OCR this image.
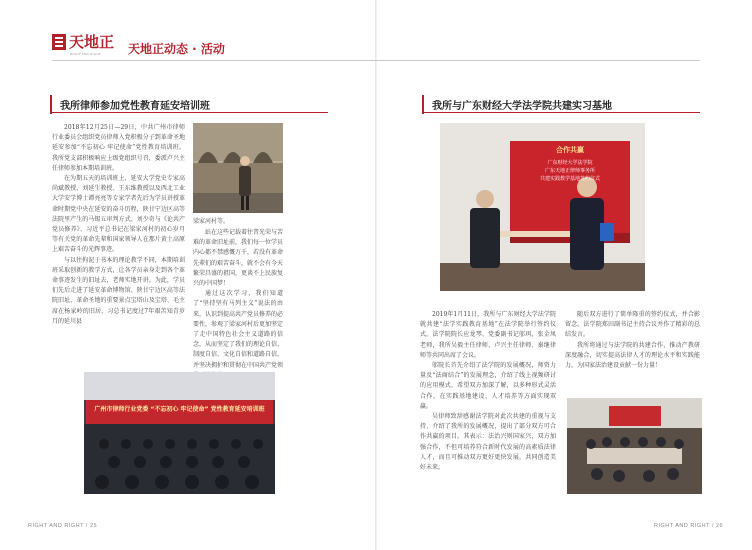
天地正
RIGHT AND RIGHT 天地正动态 · 活动
我所律师参加党性教育延安培训班

2018年12月25日—29日，中共广州市律师行业委员会组织党员律师入党积极分子到革命圣地延安参加“不忘初心 牢记使命”党性教育培训班。我所党支部积极响应上级党组织号召，委派卢兴主任律师参加本期培训班。

在为期五天的培训班上，延安大学党史专家高尚斌教授、刘延生教授、王东维教授以及西北工业大学安学博士谭亮亮等专家学者先后为学员讲授革命时期党中央在延安的奋斗历程，陕甘宁边区高等法院里产生的马锡五审判方式、刘少奇与《论共产党员修养》、习近平总书记在梁家河村的初心岁月等有关党的革命先辈和国家领导人在那片黄土高原上艰苦奋斗的光辉事迹。

与以往拘泥于书本的理论教学不同，本期培训班采取创新的教学方式，让各学员亲身走到各个革命事迹发生的旧址去，老师实地开讲。为此，学员们先后走进了延安革命博物馆、陕甘宁边区高等法院旧址、革命圣地的重要景点宝塔山及宝塔、毛主席在杨家岭的旧居、习总书记度过7年艰苦知青岁月的延川县

梁家河村等。

站在这些记载着往昔光荣与苦难的革命旧址前，我们每一位学员内心都不禁感慨万千，若没有革命先辈们的艰苦奋斗，就不会有今天繁荣昌盛的祖国，更谈不上民族复兴的中国梦！

通过这次学习，我们知道了“坚持坚有马列主义”说法的由来，认识到提高共产党员修养的必要性，参观了梁家河村后更加坚定了走中国特色社会主义道路的信念，从而坚定了我们的理论自信、制度自信、文化自信和道路自信，并坚决拥护和贯彻在中国共产党领

广州市律师行业党委 “不忘初心 牢记使命” 党性教育延安培训班
我所与广东财经大学法学院共建实习基地
合作共赢
广东财经大学法学院
广东天地正律师事务所
共建实践教学基地签约仪式

2019年1月11日，我所与广东财经大学法学院就共建“法学实践教育基地”在法学院举行签约仪式。法学院院长应龙琴、党委副书记邬珥、张金凤老师，我所吴毅主任律师、卢兴主任律师、秦继律师等共同出席了会议。

邬院长首先介绍了法学院的发展概况，师资力量及“法商结合”的发展理念，介绍了线上视频研讨的应用模式，希望双方加深了解，以多种形式灵活合作，在实践基地建设、人才培养等方面实现双赢。

吴律师致辞感谢法学院对此次共建的重视与支持，介绍了我所的发展概况，提出了部分双方可合作共赢的项目。其表示：法治兴则国家兴，双方加强合作，不但可培养符合新时代发展的高素质法律人才，而且可推动双方更好更快发展，共同创造美好未来。

随后双方进行了简单隆重的签约仪式，并合影留念。法学院郑田副书记主持合议并作了精彩的总结发言。

我所将通过与法学院的共建合作，推动产教研深度融合，切实提高法律人才的理论水平和实践能力，为国家法治建设贡献一份力量！

RIGHT AND RIGHT / 25	RIGHT AND RIGHT / 26
